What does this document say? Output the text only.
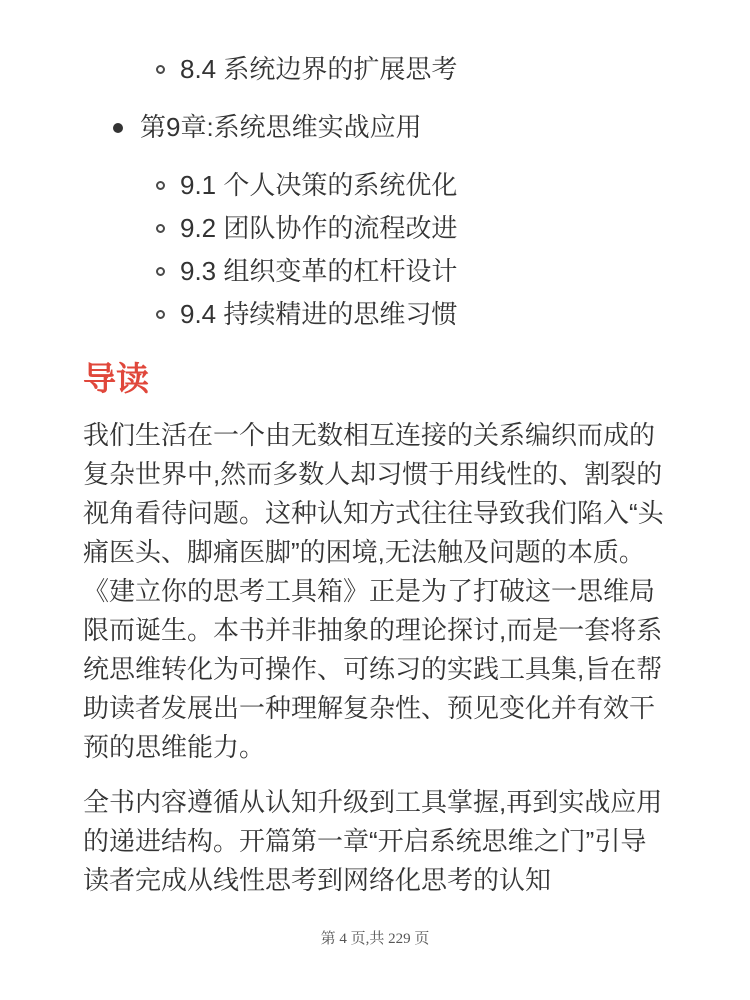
8.4 系统边界的扩展思考
第9章:系统思维实战应用
9.1 个人决策的系统优化
9.2 团队协作的流程改进
9.3 组织变革的杠杆设计
9.4 持续精进的思维习惯
导读

我们生活在一个由无数相互连接的关系编织而成的复杂世界中,然而多数人却习惯于用线性的、割裂的视角看待问题。这种认知方式往往导致我们陷入“头痛医头、脚痛医脚”的困境,无法触及问题的本质。《建立你的思考工具箱》正是为了打破这一思维局限而诞生。本书并非抽象的理论探讨,而是一套将系统思维转化为可操作、可练习的实践工具集,旨在帮助读者发展出一种理解复杂性、预见变化并有效干预的思维能力。

全书内容遵循从认知升级到工具掌握,再到实战应用的递进结构。开篇第一章“开启系统思维之门”引导读者完成从线性思考到网络化思考的认知

第 4 页,共 229 页
